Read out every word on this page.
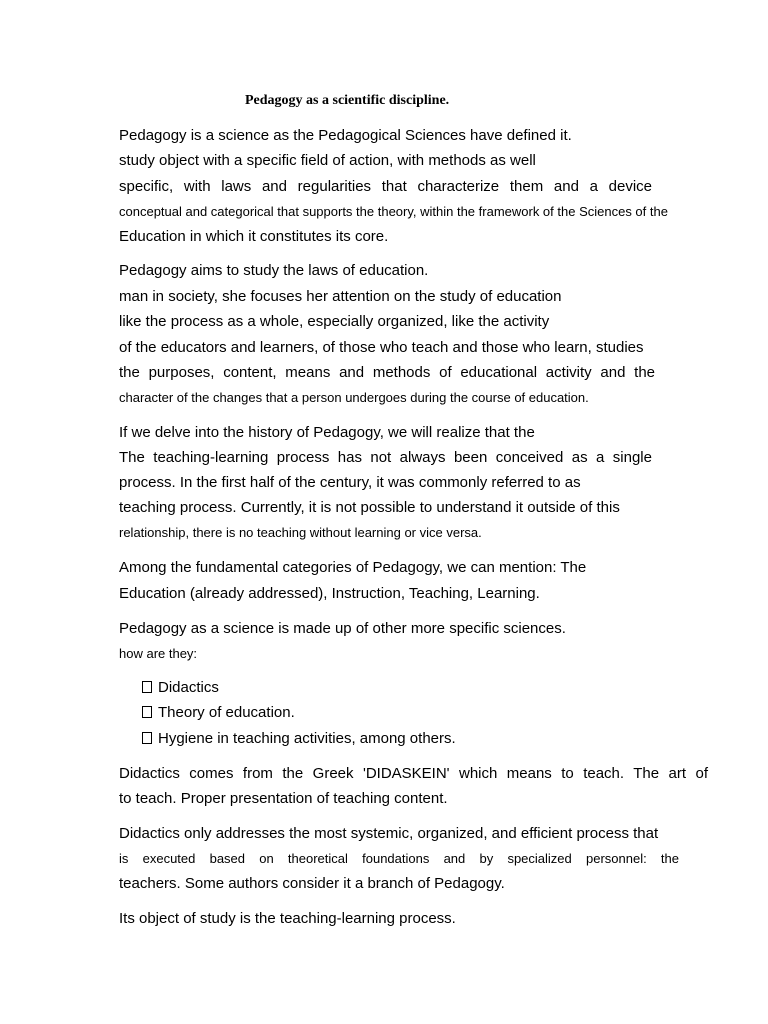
Pedagogy as a scientific discipline.
Pedagogy is a science as the Pedagogical Sciences have defined it.
study object with a specific field of action, with methods as well
specific, with laws and regularities that characterize them and a device
conceptual and categorical that supports the theory, within the framework of the Sciences of the
Education in which it constitutes its core.
Pedagogy aims to study the laws of education.
man in society, she focuses her attention on the study of education
like the process as a whole, especially organized, like the activity
of the educators and learners, of those who teach and those who learn, studies
the purposes, content, means and methods of educational activity and the
character of the changes that a person undergoes during the course of education.
If we delve into the history of Pedagogy, we will realize that the
The teaching-learning process has not always been conceived as a single
process. In the first half of the century, it was commonly referred to as
teaching process. Currently, it is not possible to understand it outside of this
relationship, there is no teaching without learning or vice versa.
Among the fundamental categories of Pedagogy, we can mention: The
Education (already addressed), Instruction, Teaching, Learning.
Pedagogy as a science is made up of other more specific sciences.
how are they:
Didactics
Theory of education.
Hygiene in teaching activities, among others.
Didactics comes from the Greek 'DIDASKEIN' which means to teach. The art of
to teach. Proper presentation of teaching content.
Didactics only addresses the most systemic, organized, and efficient process that
is executed based on theoretical foundations and by specialized personnel: the
teachers. Some authors consider it a branch of Pedagogy.
Its object of study is the teaching-learning process.
